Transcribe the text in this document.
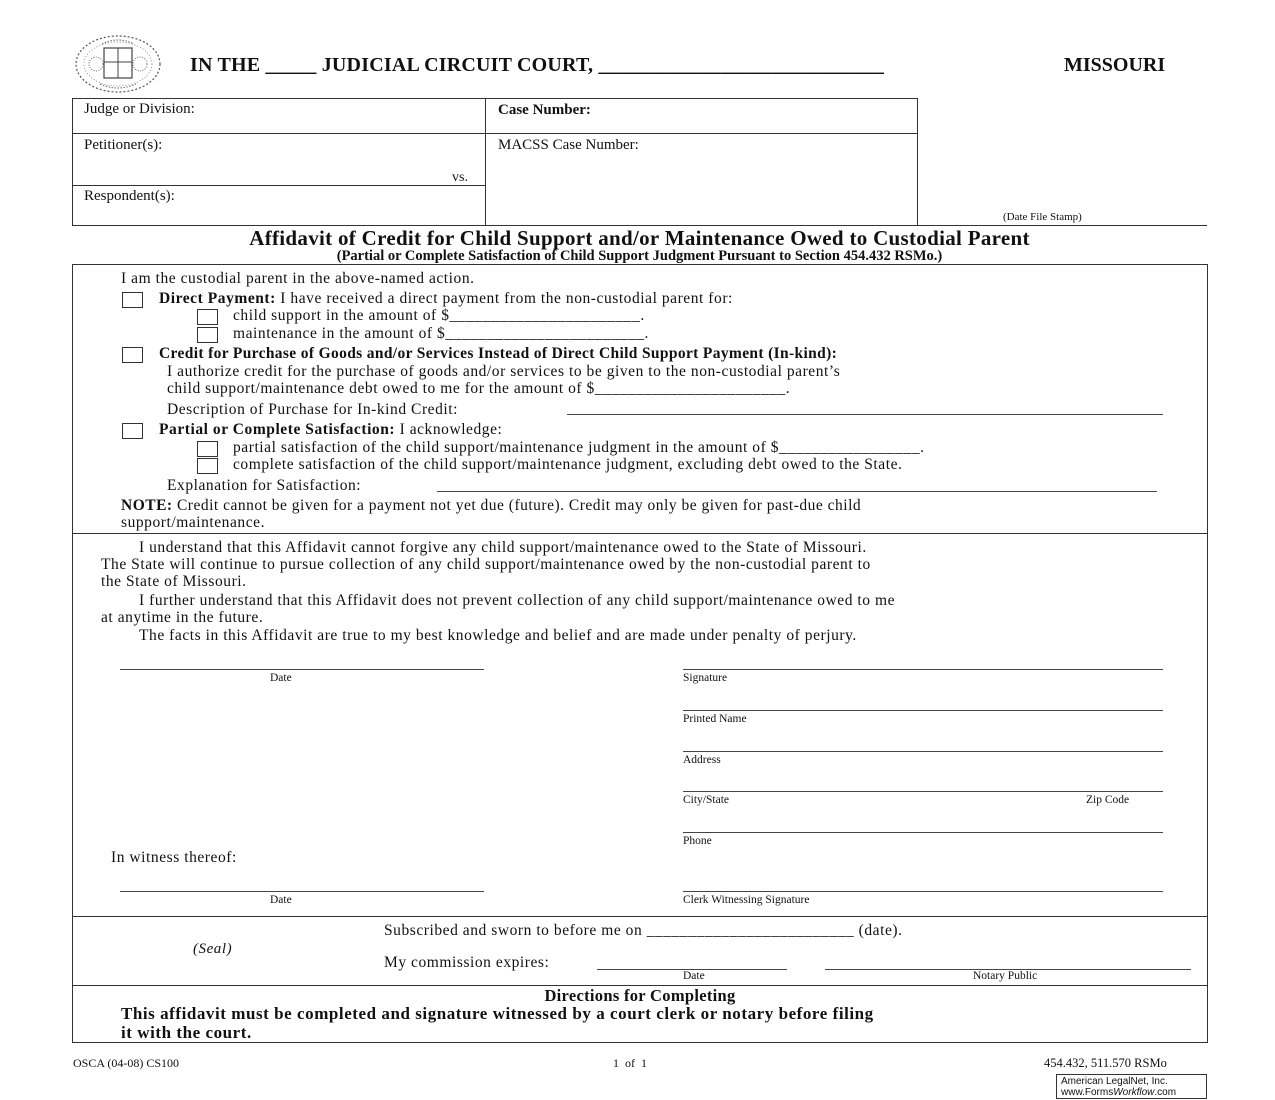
IN THE _____ JUDICIAL CIRCUIT COURT, ____________________________	MISSOURI
Judge or Division:	Case Number:
Petitioner(s):
vs.
MACSS Case Number:
Respondent(s):
(Date File Stamp)
Affidavit of Credit for Child Support and/or Maintenance Owed to Custodial Parent
(Partial or Complete Satisfaction of Child Support Judgment Pursuant to Section 454.432 RSMo.)
I am the custodial parent in the above-named action.
Direct Payment: I have received a direct payment from the non-custodial parent for:
child support in the amount of $_______________________.
maintenance in the amount of $________________________.
Credit for Purchase of Goods and/or Services Instead of Direct Child Support Payment (In-kind):
I authorize credit for the purchase of goods and/or services to be given to the non-custodial parent’s
child support/maintenance debt owed to me for the amount of $_______________________.
Description of Purchase for In-kind Credit:
Partial or Complete Satisfaction: I acknowledge:
partial satisfaction of the child support/maintenance judgment in the amount of $_________________.
complete satisfaction of the child support/maintenance judgment, excluding debt owed to the State.
Explanation for Satisfaction:
NOTE: Credit cannot be given for a payment not yet due (future). Credit may only be given for past-due child
support/maintenance.
I understand that this Affidavit cannot forgive any child support/maintenance owed to the State of Missouri.
The State will continue to pursue collection of any child support/maintenance owed by the non-custodial parent to
the State of Missouri.
I further understand that this Affidavit does not prevent collection of any child support/maintenance owed to me
at anytime in the future.
The facts in this Affidavit are true to my best knowledge and belief and are made under penalty of perjury.
Date	Signature
Printed Name
Address
City/State	Zip Code
Phone
In witness thereof:
Date	Clerk Witnessing Signature
(Seal)
Subscribed and sworn to before me on _________________________ (date).
My commission expires:
Date	Notary Public
Directions for Completing
This affidavit must be completed and signature witnessed by a court clerk or notary before filing
it with the court.
OSCA (04-08) CS100	1  of  1	454.432, 511.570 RSMo
American LegalNet, Inc.
www.FormsWorkflow.com
